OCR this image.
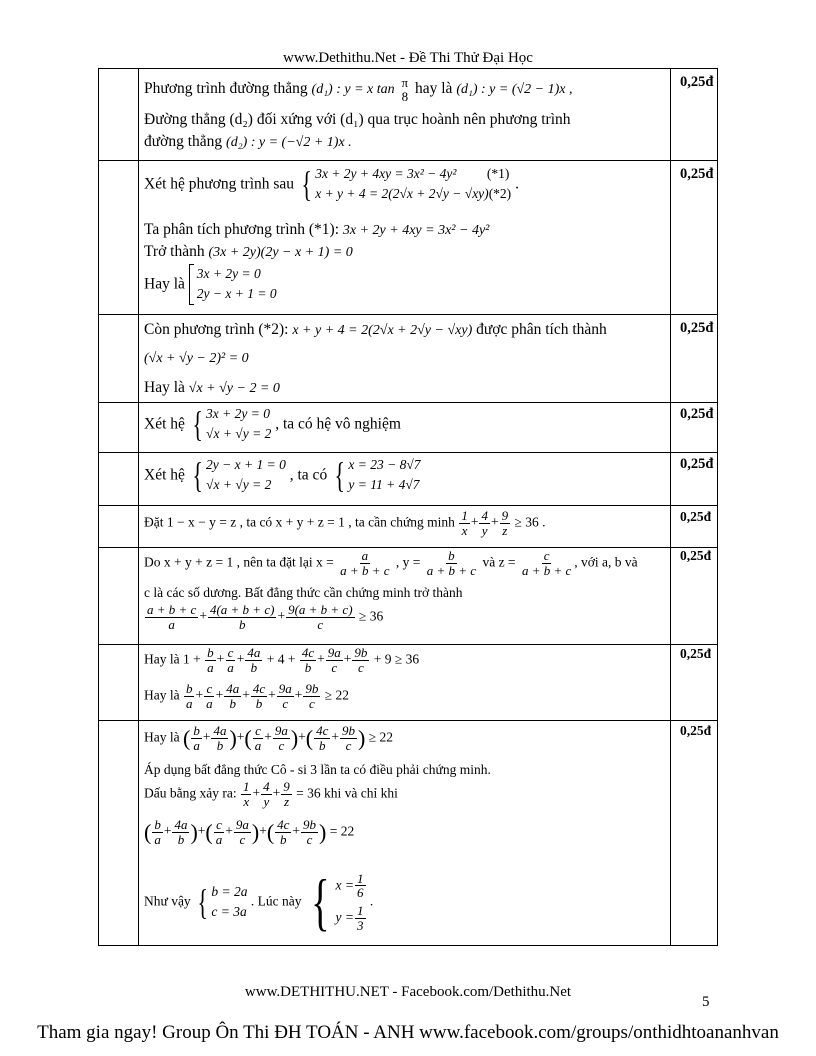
www.Dethithu.Net - Đề Thi Thử Đại Học
0,25đ
Phương trình đường thẳng (d₁) : y = x tan π
8 hay là (d₁) : y = (√2 − 1)x ,
Đường thẳng (d₂) đối xứng với (d₁) qua trục hoành nên phương trình
đường thẳng (d₂) : y = (−√2 + 1)x .
0,25đ
Xét hệ phương trình sau { 3x + 2y + 4xy = 3x² − 4y² (*1)
x + y + 4 = 2(2√x + 2√y − √xy)(*2)
.
Ta phân tích phương trình (*1): 3x + 2y + 4xy = 3x² − 4y²
Trở thành (3x + 2y)(2y − x + 1) = 0
Hay là
3x + 2y = 0
2y − x + 1 = 0
0,25đ
Còn phương trình (*2): x + y + 4 = 2(2√x + 2√y − √xy) được phân tích thành
(√x + √y − 2)² = 0
Hay là √x + √y − 2 = 0
0,25đ
Xét hệ { 3x + 2y = 0
√x + √y = 2
, ta có hệ vô nghiệm
0,25đ
Xét hệ { 2y − x + 1 = 0
√x + √y = 2
, ta có { x = 23 − 8√7
y = 11 + 4√7
0,25đ
Đặt 1 − x − y = z , ta có x + y + z = 1 , ta cần chứng minh $\frac{1}{x} + \frac{4}{y} + \frac{9}{z} \ge 36$ .
0,25đ
Do x + y + z = 1 , nên ta đặt lại $x = \frac{a}{a + b + c}$ , $y = \frac{b}{a + b + c}$ và $z = \frac{c}{a + b + c}$ , với a, b và
c là các số dương. Bất đẳng thức cần chứng minh trở thành
$\frac{a + b + c}{a} + \frac{4(a + b + c)}{b} + \frac{9(a + b + c)}{c} \ge 36$
0,25đ
Hay là $1 + \frac{b}{a} + \frac{c}{a} + \frac{4a}{b} + 4 + \frac{4c}{b} + \frac{9a}{c} + \frac{9b}{c} + 9 \ge 36$
Hay là $\frac{b}{a} + \frac{c}{a} + \frac{4a}{b} + \frac{4c}{b} + \frac{9a}{c} + \frac{9b}{c} \ge 22$
0,25đ
Hay là ( $\frac{b}{a} + \frac{4a}{b}$ )+( $\frac{c}{a} + \frac{9a}{c}$ )+( $\frac{4c}{b} + \frac{9b}{c}$ ) ≥ 22
Áp dụng bất đẳng thức Cô - si 3 lần ta có điều phải chứng minh.
Dấu bằng xảy ra: $\frac{1}{x} + \frac{4}{y} + \frac{9}{z} = 36$ khi và chỉ khi
( $\frac{b}{a} + \frac{4a}{b}$ )+( $\frac{c}{a} + \frac{9a}{c}$ )+( $\frac{4c}{b} + \frac{9b}{c}$ ) = 22
Như vậy { b = 2a
c = 3a
. Lúc này { $x = \frac{1}{6}$
$y = \frac{1}{3}$
.
www.DETHITHU.NET - Facebook.com/Dethithu.Net
5
Tham gia ngay! Group Ôn Thi ĐH TOÁN - ANH www.facebook.com/groups/onthidhtoananhvan
